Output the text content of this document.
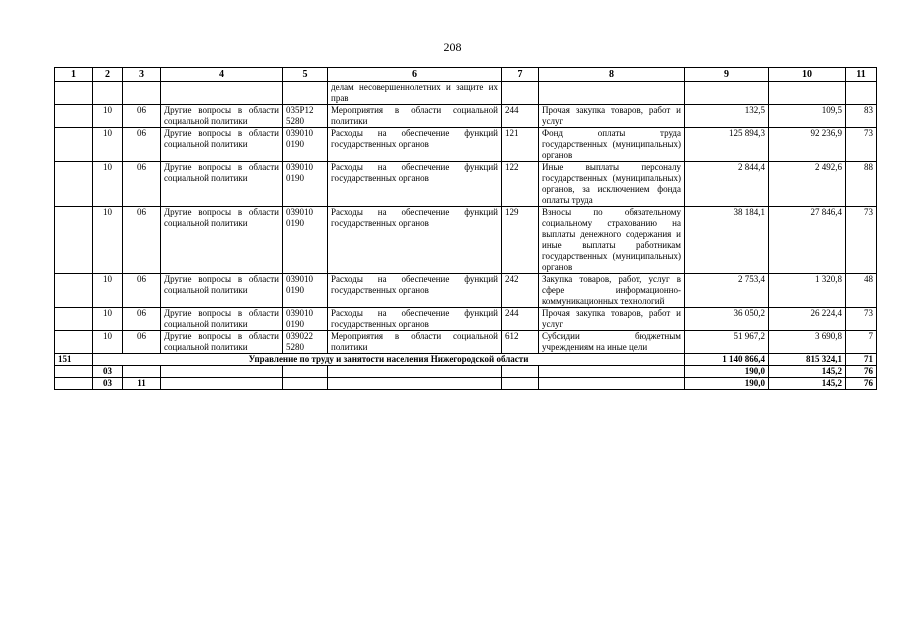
208
1	2	3	4	5	6	7	8	9	10	11
					делам несовершеннолетних и защите их прав					
	10	06	Другие вопросы в области социальной политики	035Р12 5280	Мероприятия в области социальной политики	244	Прочая закупка товаров, работ и услуг	132,5	109,5	83
	10	06	Другие вопросы в области социальной политики	039010 0190	Расходы на обеспечение функций государственных органов	121	Фонд оплаты труда государственных (муниципальных) органов	125 894,3	92 236,9	73
	10	06	Другие вопросы в области социальной политики	039010 0190	Расходы на обеспечение функций государственных органов	122	Иные выплаты персоналу государственных (муниципальных) органов, за исключением фонда оплаты труда	2 844,4	2 492,6	88
	10	06	Другие вопросы в области социальной политики	039010 0190	Расходы на обеспечение функций государственных органов	129	Взносы по обязательному социальному страхованию на выплаты денежного содержания и иные выплаты работникам государственных (муниципальных) органов	38 184,1	27 846,4	73
	10	06	Другие вопросы в области социальной политики	039010 0190	Расходы на обеспечение функций государственных органов	242	Закупка товаров, работ, услуг в сфере информационно-коммуникационных технологий	2 753,4	1 320,8	48
	10	06	Другие вопросы в области социальной политики	039010 0190	Расходы на обеспечение функций государственных органов	244	Прочая закупка товаров, работ и услуг	36 050,2	26 224,4	73
	10	06	Другие вопросы в области социальной политики	039022 5280	Мероприятия в области социальной политики	612	Субсидии бюджетным учреждениям на иные цели	51 967,2	3 690,8	7
151	Управление по труду и занятости населения Нижегородской области							1 140 866,4	815 324,1	71
	03							190,0	145,2	76
	03	11						190,0	145,2	76
